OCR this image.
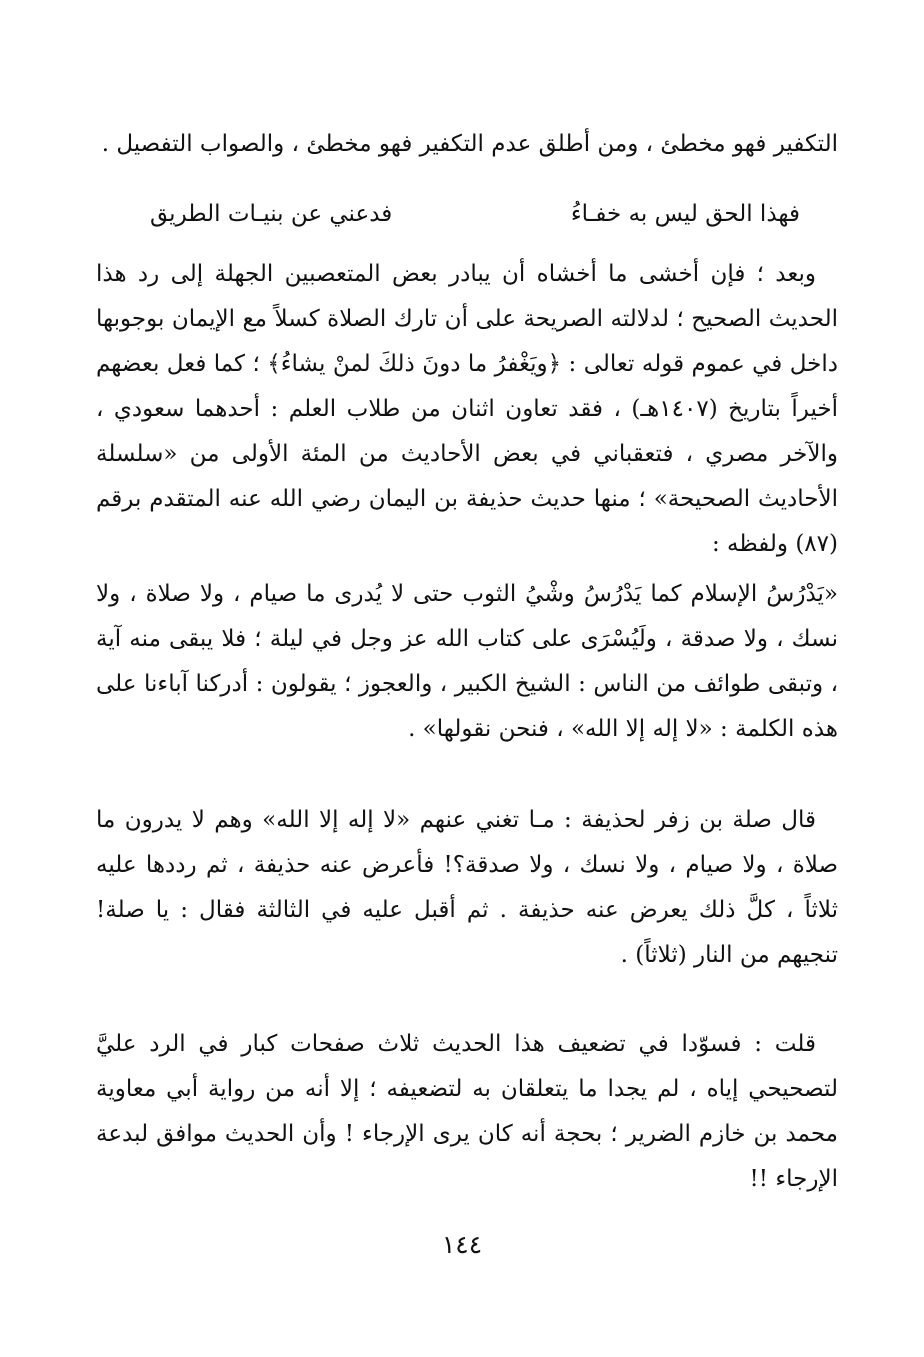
التكفير فهو مخطئ ، ومن أطلق عدم التكفير فهو مخطئ ، والصواب التفصيل .
فهذا الحق ليس به خفـاءُ
فدعني عن بنيـات الطريق
وبعد ؛ فإن أخشى ما أخشاه أن يبادر بعض المتعصبين الجهلة إلى رد هذا الحديث الصحيح ؛ لدلالته الصريحة على أن تارك الصلاة كسلاً مع الإيمان بوجوبها داخل في عموم قوله تعالى : ﴿ويَغْفرُ ما دونَ ذلكَ لمنْ يشاءُ﴾ ؛ كما فعل بعضهم أخيراً بتاريخ (١٤٠٧هـ) ، فقد تعاون اثنان من طلاب العلم : أحدهما سعودي ، والآخر مصري ، فتعقباني في بعض الأحاديث من المئة الأولى من «سلسلة الأحاديث الصحيحة» ؛ منها حديث حذيفة بن اليمان رضي الله عنه المتقدم برقم (٨٧) ولفظه :
«يَدْرُسُ الإسلام كما يَدْرُسُ وشْيُ الثوب حتى لا يُدرى ما صيام ، ولا صلاة ، ولا نسك ، ولا صدقة ، ولَيُسْرَى على كتاب الله عز وجل في ليلة ؛ فلا يبقى منه آية ، وتبقى طوائف من الناس : الشيخ الكبير ، والعجوز ؛ يقولون : أدركنا آباءنا على هذه الكلمة : «لا إله إلا الله» ، فنحن نقولها» .
قال صلة بن زفر لحذيفة : مـا تغني عنهم «لا إله إلا الله» وهم لا يدرون ما صلاة ، ولا صيام ، ولا نسك ، ولا صدقة؟! فأعرض عنه حذيفة ، ثم رددها عليه ثلاثاً ، كلَّ ذلك يعرض عنه حذيفة . ثم أقبل عليه في الثالثة فقال : يا صلة! تنجيهم من النار (ثلاثاً) .
قلت : فسوّدا في تضعيف هذا الحديث ثلاث صفحات كبار في الرد عليَّ لتصحيحي إياه ، لم يجدا ما يتعلقان به لتضعيفه ؛ إلا أنه من رواية أبي معاوية محمد بن خازم الضرير ؛ بحجة أنه كان يرى الإرجاء ! وأن الحديث موافق لبدعة الإرجاء !!
١٤٤
